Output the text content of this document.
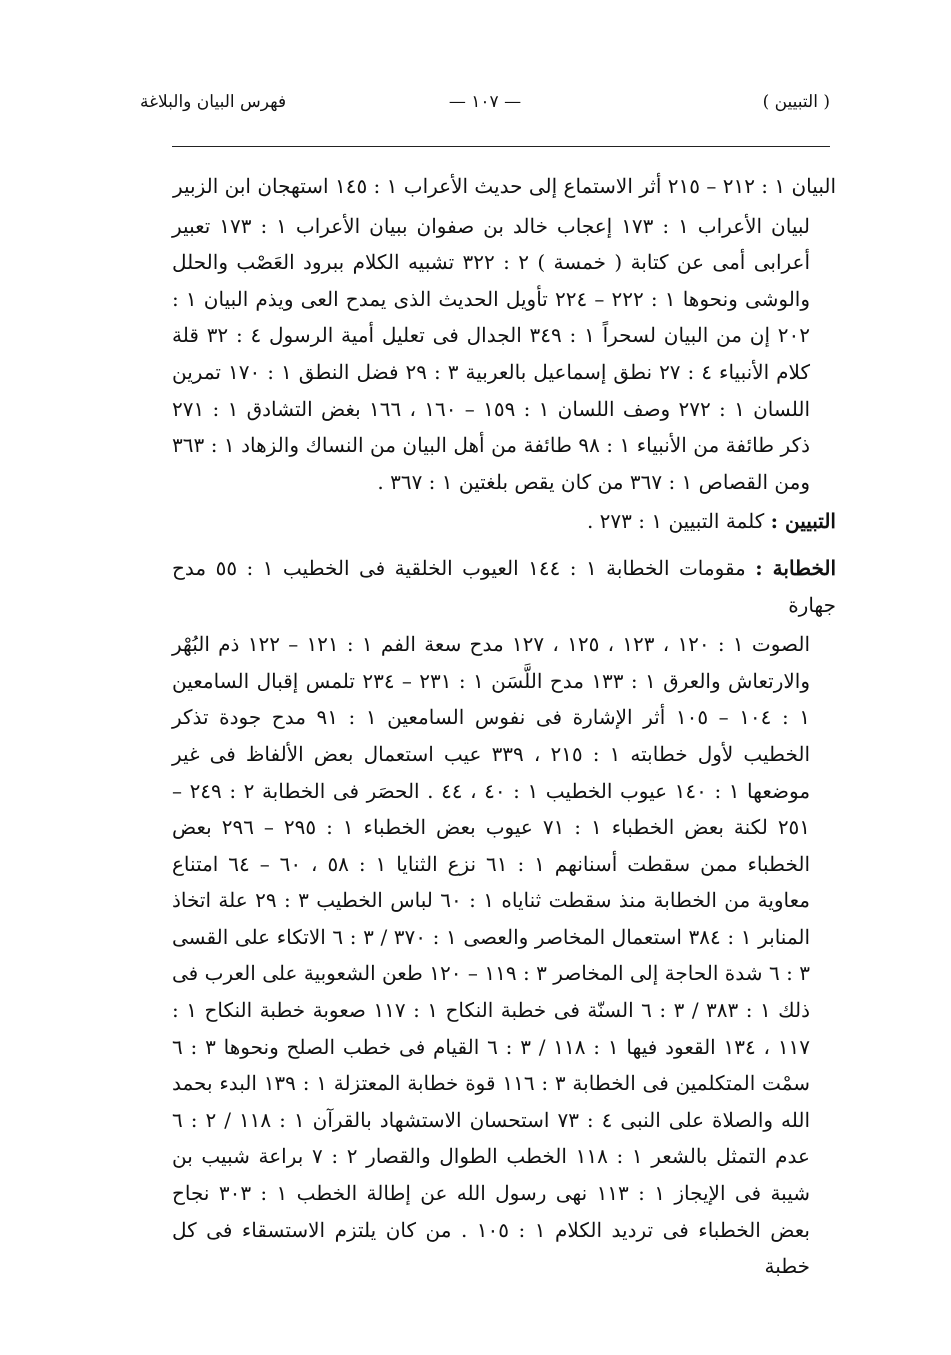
( التبيين )
— ١٠٧ —
فهرس البيان والبلاغة

البيان ١ : ٢١٢ – ٢١٥ أثر الاستماع إلى حديث الأعراب ١ : ١٤٥ استهجان ابن الزبير

لبيان الأعراب ١ : ١٧٣ إعجاب خالد بن صفوان ببيان الأعراب ١ : ١٧٣ تعبير أعرابى أمى عن كتابة ( خمسة ) ٢ : ٣٢٢ تشبيه الكلام ببرود العَصْب والحلل والوشى ونحوها ١ : ٢٢٢ – ٢٢٤ تأويل الحديث الذى يمدح العى ويذم البيان ١ : ٢٠٢ إن من البيان لسحراً ١ : ٣٤٩ الجدال فى تعليل أمية الرسول ٤ : ٣٢ قلة كلام الأنبياء ٤ : ٢٧ نطق إسماعيل بالعربية ٣ : ٢٩ فضل النطق ١ : ١٧٠ تمرين اللسان ١ : ٢٧٢ وصف اللسان ١ : ١٥٩ – ١٦٠ ، ١٦٦ بغض التشادق ١ : ٢٧١ ذكر طائفة من الأنبياء ١ : ٩٨ طائفة من أهل البيان من النساك والزهاد ١ : ٣٦٣ ومن القصاص ١ : ٣٦٧ من كان يقص بلغتين ١ : ٣٦٧ .

التبيين : كلمة التبيين ١ : ٢٧٣ .

الخطابة : مقومات الخطابة ١ : ١٤٤ العيوب الخلقية فى الخطيب ١ : ٥٥ مدح جهارة

الصوت ١ : ١٢٠ ، ١٢٣ ، ١٢٥ ، ١٢٧ مدح سعة الفم ١ : ١٢١ – ١٢٢ ذم البُهْر والارتعاش والعرق ١ : ١٣٣ مدح اللَّسَن ١ : ٢٣١ – ٢٣٤ تلمس إقبال السامعين ١ : ١٠٤ – ١٠٥ أثر الإشارة فى نفوس السامعين ١ : ٩١ مدح جودة تذكر الخطيب لأول خطابته ١ : ٢١٥ ، ٣٣٩ عيب استعمال بعض الألفاظ فى غير موضعها ١ : ١٤٠ عيوب الخطيب ١ : ٤٠ ، ٤٤ . الحصَر فى الخطابة ٢ : ٢٤٩ – ٢٥١ لكنة بعض الخطباء ١ : ٧١ عيوب بعض الخطباء ١ : ٢٩٥ – ٢٩٦ بعض الخطباء ممن سقطت أسنانهم ١ : ٦١ نزع الثنايا ١ : ٥٨ ، ٦٠ – ٦٤ امتناع معاوية من الخطابة منذ سقطت ثناياه ١ : ٦٠ لباس الخطيب ٣ : ٢٩ علة اتخاذ المنابر ١ : ٣٨٤ استعمال المخاصر والعصى ١ : ٣٧٠ / ٣ : ٦ الاتكاء على القسى ٣ : ٦ شدة الحاجة إلى المخاصر ٣ : ١١٩ – ١٢٠ طعن الشعوبية على العرب فى ذلك ١ : ٣٨٣ / ٣ : ٦ السنّة فى خطبة النكاح ١ : ١١٧ صعوبة خطبة النكاح ١ : ١١٧ ، ١٣٤ القعود فيها ١ : ١١٨ / ٣ : ٦ القيام فى خطب الصلح ونحوها ٣ : ٦ سمْت المتكلمين فى الخطابة ٣ : ١١٦ قوة خطابة المعتزلة ١ : ١٣٩ البدء بحمد الله والصلاة على النبى ٤ : ٧٣ استحسان الاستشهاد بالقرآن ١ : ١١٨ / ٢ : ٦ عدم التمثل بالشعر ١ : ١١٨ الخطب الطوال والقصار ٢ : ٧ براعة شبيب بن شيبة فى الإيجاز ١ : ١١٣ نهى رسول الله عن إطالة الخطب ١ : ٣٠٣ نجاح بعض الخطباء فى ترديد الكلام ١ : ١٠٥ . من كان يلتزم الاستسقاء فى كل خطبة
